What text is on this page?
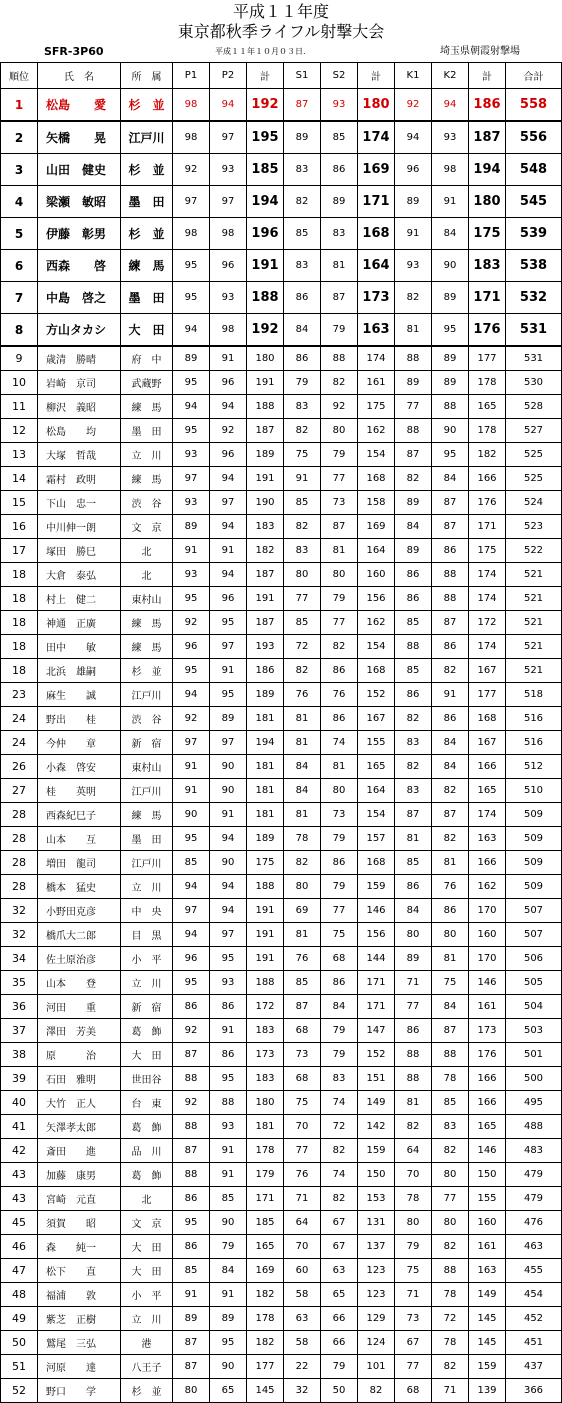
平成１１年度
東京都秋季ライフル射撃大会
SFR-3P60	平成１１年１０月０３日.	埼玉県朝霞射撃場
順位	氏　名	所　属	P1	P2	計	S1	S2	計	K1	K2	計	合計
1	松島　　愛	杉　並	98	94	192	87	93	180	92	94	186	558
2	矢橋　　晃	江戸川	98	97	195	89	85	174	94	93	187	556
3	山田　健史	杉　並	92	93	185	83	86	169	96	98	194	548
4	梁瀬　敏昭	墨　田	97	97	194	82	89	171	89	91	180	545
5	伊藤　彰男	杉　並	98	98	196	85	83	168	91	84	175	539
6	西森　　啓	練　馬	95	96	191	83	81	164	93	90	183	538
7	中島　啓之	墨　田	95	93	188	86	87	173	82	89	171	532
8	方山タカシ	大　田	94	98	192	84	79	163	81	95	176	531
9	歳清　勝晴	府　中	89	91	180	86	88	174	88	89	177	531
10	岩崎　京司	武蔵野	95	96	191	79	82	161	89	89	178	530
11	柳沢　義昭	練　馬	94	94	188	83	92	175	77	88	165	528
12	松島　　均	墨　田	95	92	187	82	80	162	88	90	178	527
13	大塚　哲哉	立　川	93	96	189	75	79	154	87	95	182	525
14	霜村　政明	練　馬	97	94	191	91	77	168	82	84	166	525
15	下山　忠一	渋　谷	93	97	190	85	73	158	89	87	176	524
16	中川伸一朗	文　京	89	94	183	82	87	169	84	87	171	523
17	塚田　勝巳	北	91	91	182	83	81	164	89	86	175	522
18	大倉　泰弘	北	93	94	187	80	80	160	86	88	174	521
18	村上　健二	東村山	95	96	191	77	79	156	86	88	174	521
18	神通　正廣	練　馬	92	95	187	85	77	162	85	87	172	521
18	田中　　敏	練　馬	96	97	193	72	82	154	88	86	174	521
18	北浜　雄嗣	杉　並	95	91	186	82	86	168	85	82	167	521
23	麻生　　誠	江戸川	94	95	189	76	76	152	86	91	177	518
24	野出　　桂	渋　谷	92	89	181	81	86	167	82	86	168	516
24	今仲　　章	新　宿	97	97	194	81	74	155	83	84	167	516
26	小森　啓安	東村山	91	90	181	84	81	165	82	84	166	512
27	桂　　英明	江戸川	91	90	181	84	80	164	83	82	165	510
28	西森紀巳子	練　馬	90	91	181	81	73	154	87	87	174	509
28	山本　　互	墨　田	95	94	189	78	79	157	81	82	163	509
28	増田　龍司	江戸川	85	90	175	82	86	168	85	81	166	509
28	橋本　猛史	立　川	94	94	188	80	79	159	86	76	162	509
32	小野田克彦	中　央	97	94	191	69	77	146	84	86	170	507
32	橋爪大二郎	目　黒	94	97	191	81	75	156	80	80	160	507
34	佐土原治彦	小　平	96	95	191	76	68	144	89	81	170	506
35	山本　　登	立　川	95	93	188	85	86	171	71	75	146	505
36	河田　　重	新　宿	86	86	172	87	84	171	77	84	161	504
37	澤田　芳美	葛　飾	92	91	183	68	79	147	86	87	173	503
38	原　　　治	大　田	87	86	173	73	79	152	88	88	176	501
39	石田　雅明	世田谷	88	95	183	68	83	151	88	78	166	500
40	大竹　正人	台　東	92	88	180	75	74	149	81	85	166	495
41	矢澤孝太郎	葛　飾	88	93	181	70	72	142	82	83	165	488
42	斎田　　進	品　川	87	91	178	77	82	159	64	82	146	483
43	加藤　康男	葛　飾	88	91	179	76	74	150	70	80	150	479
43	宮崎　元直	北	86	85	171	71	82	153	78	77	155	479
45	須賀　　昭	文　京	95	90	185	64	67	131	80	80	160	476
46	森　　純一	大　田	86	79	165	70	67	137	79	82	161	463
47	松下　　直	大　田	85	84	169	60	63	123	75	88	163	455
48	福浦　　敦	小　平	91	91	182	58	65	123	71	78	149	454
49	紫芝　正樹	立　川	89	89	178	63	66	129	73	72	145	452
50	鷲尾　三弘	港	87	95	182	58	66	124	67	78	145	451
51	河原　　達	八王子	87	90	177	22	79	101	77	82	159	437
52	野口　　学	杉　並	80	65	145	32	50	82	68	71	139	366
